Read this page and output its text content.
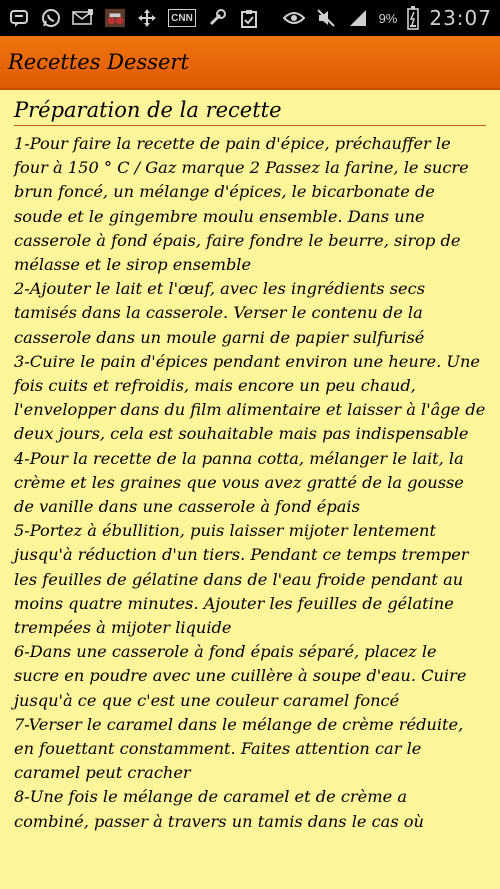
CNN	9% 23:07
Recettes Dessert
Préparation de la recette

1-Pour faire la recette de pain d'épice, préchauffer le four à 150 ° C / Gaz marque 2 Passez la farine, le sucre brun foncé, un mélange d'épices, le bicarbonate de soude et le gingembre moulu ensemble. Dans une casserole à fond épais, faire fondre le beurre, sirop de mélasse et le sirop ensemble
2-Ajouter le lait et l'œuf, avec les ingrédients secs tamisés dans la casserole. Verser le contenu de la casserole dans un moule garni de papier sulfurisé
3-Cuire le pain d'épices pendant environ une heure. Une fois cuits et refroidis, mais encore un peu chaud, l'envelopper dans du film alimentaire et laisser à l'âge de deux jours, cela est souhaitable mais pas indispensable
4-Pour la recette de la panna cotta, mélanger le lait, la crème et les graines que vous avez gratté de la gousse de vanille dans une casserole à fond épais
5-Portez à ébullition, puis laisser mijoter lentement jusqu'à réduction d'un tiers. Pendant ce temps tremper les feuilles de gélatine dans de l'eau froide pendant au moins quatre minutes. Ajouter les feuilles de gélatine trempées à mijoter liquide
6-Dans une casserole à fond épais séparé, placez le sucre en poudre avec une cuillère à soupe d'eau. Cuire jusqu'à ce que c'est une couleur caramel foncé
7-Verser le caramel dans le mélange de crème réduite, en fouettant constamment. Faites attention car le caramel peut cracher
8-Une fois le mélange de caramel et de crème a combiné, passer à travers un tamis dans le cas où
